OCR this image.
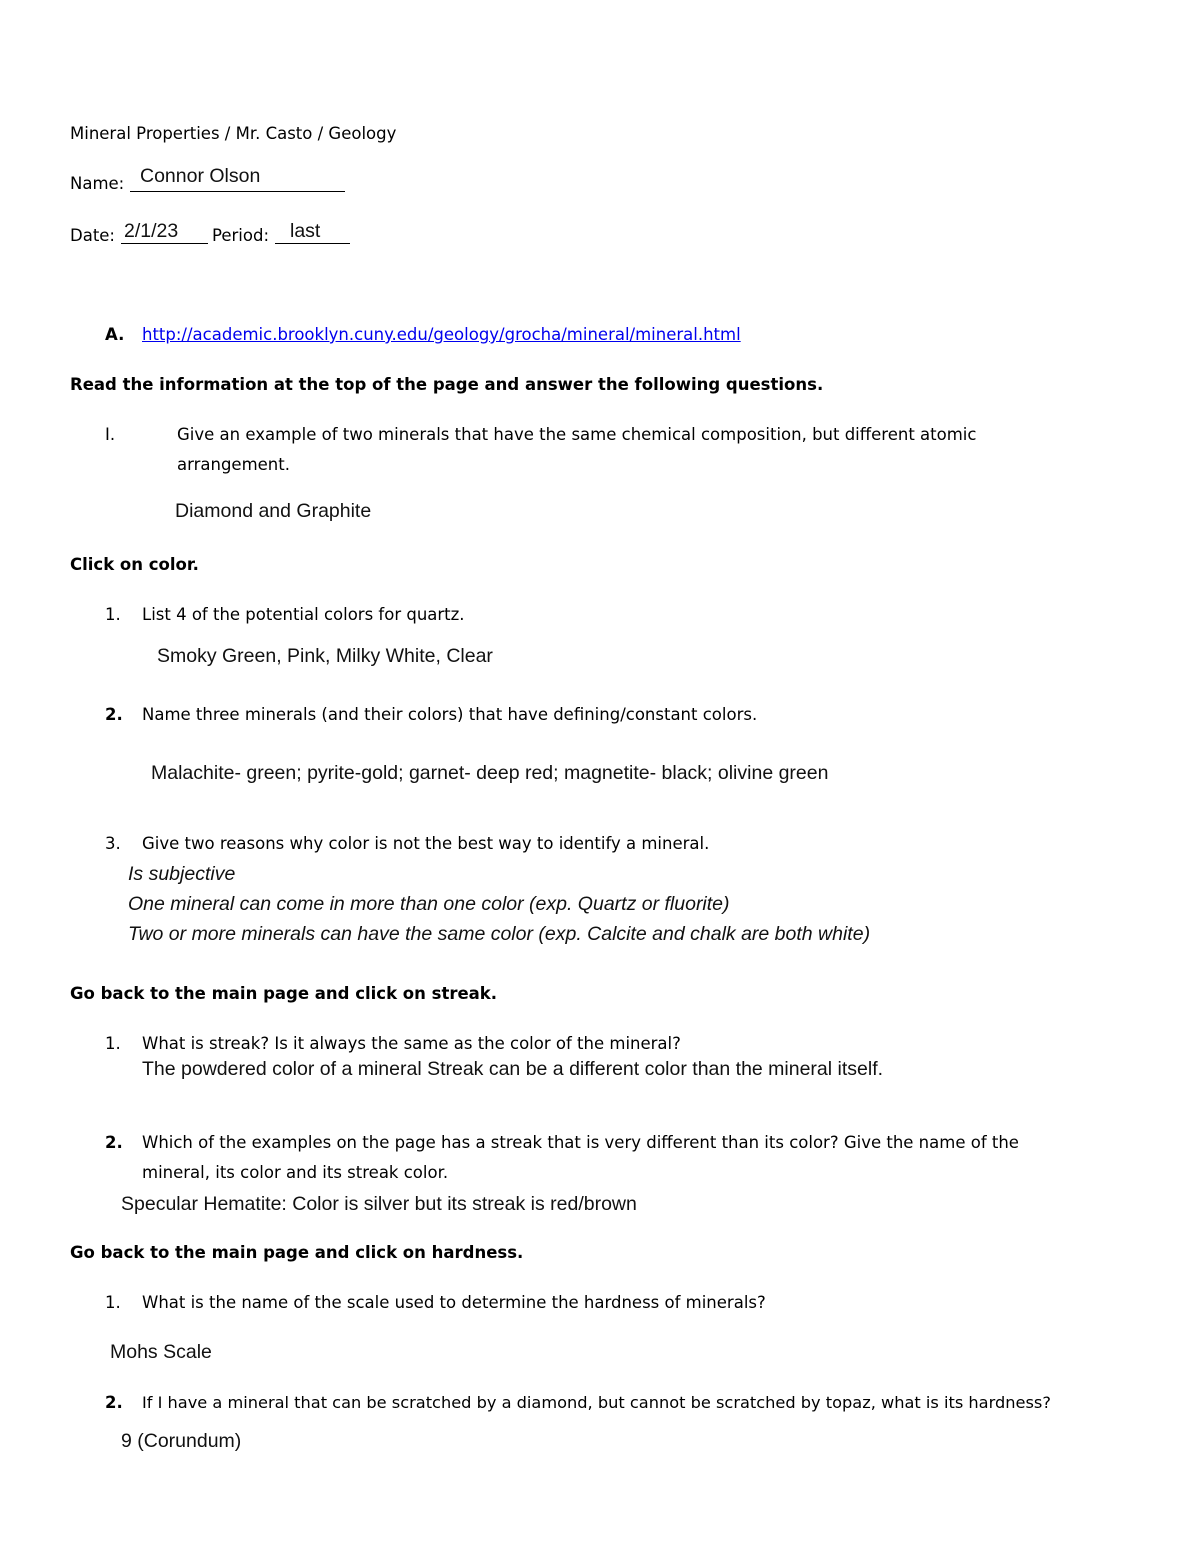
Mineral Properties / Mr. Casto / Geology
Name: Connor Olson
Date: 2/1/23 Period: last
A. http://academic.brooklyn.cuny.edu/geology/grocha/mineral/mineral.html
Read the information at the top of the page and answer the following questions.
I.	Give an example of two minerals that have the same chemical composition, but different atomic
arrangement.
Diamond and Graphite
Click on color.
1. List 4 of the potential colors for quartz.
Smoky Green, Pink, Milky White, Clear
2. Name three minerals (and their colors) that have defining/constant colors.
Malachite- green; pyrite-gold; garnet- deep red; magnetite- black; olivine green
3. Give two reasons why color is not the best way to identify a mineral.
Is subjective
One mineral can come in more than one color (exp. Quartz or fluorite)
Two or more minerals can have the same color (exp. Calcite and chalk are both white)
Go back to the main page and click on streak.
1. What is streak? Is it always the same as the color of the mineral?
The powdered color of a mineral Streak can be a different color than the mineral itself.
2. Which of the examples on the page has a streak that is very different than its color? Give the name of the
mineral, its color and its streak color.
Specular Hematite: Color is silver but its streak is red/brown
Go back to the main page and click on hardness.
1. What is the name of the scale used to determine the hardness of minerals?
Mohs Scale
2. If I have a mineral that can be scratched by a diamond, but cannot be scratched by topaz, what is its hardness?
9 (Corundum)
